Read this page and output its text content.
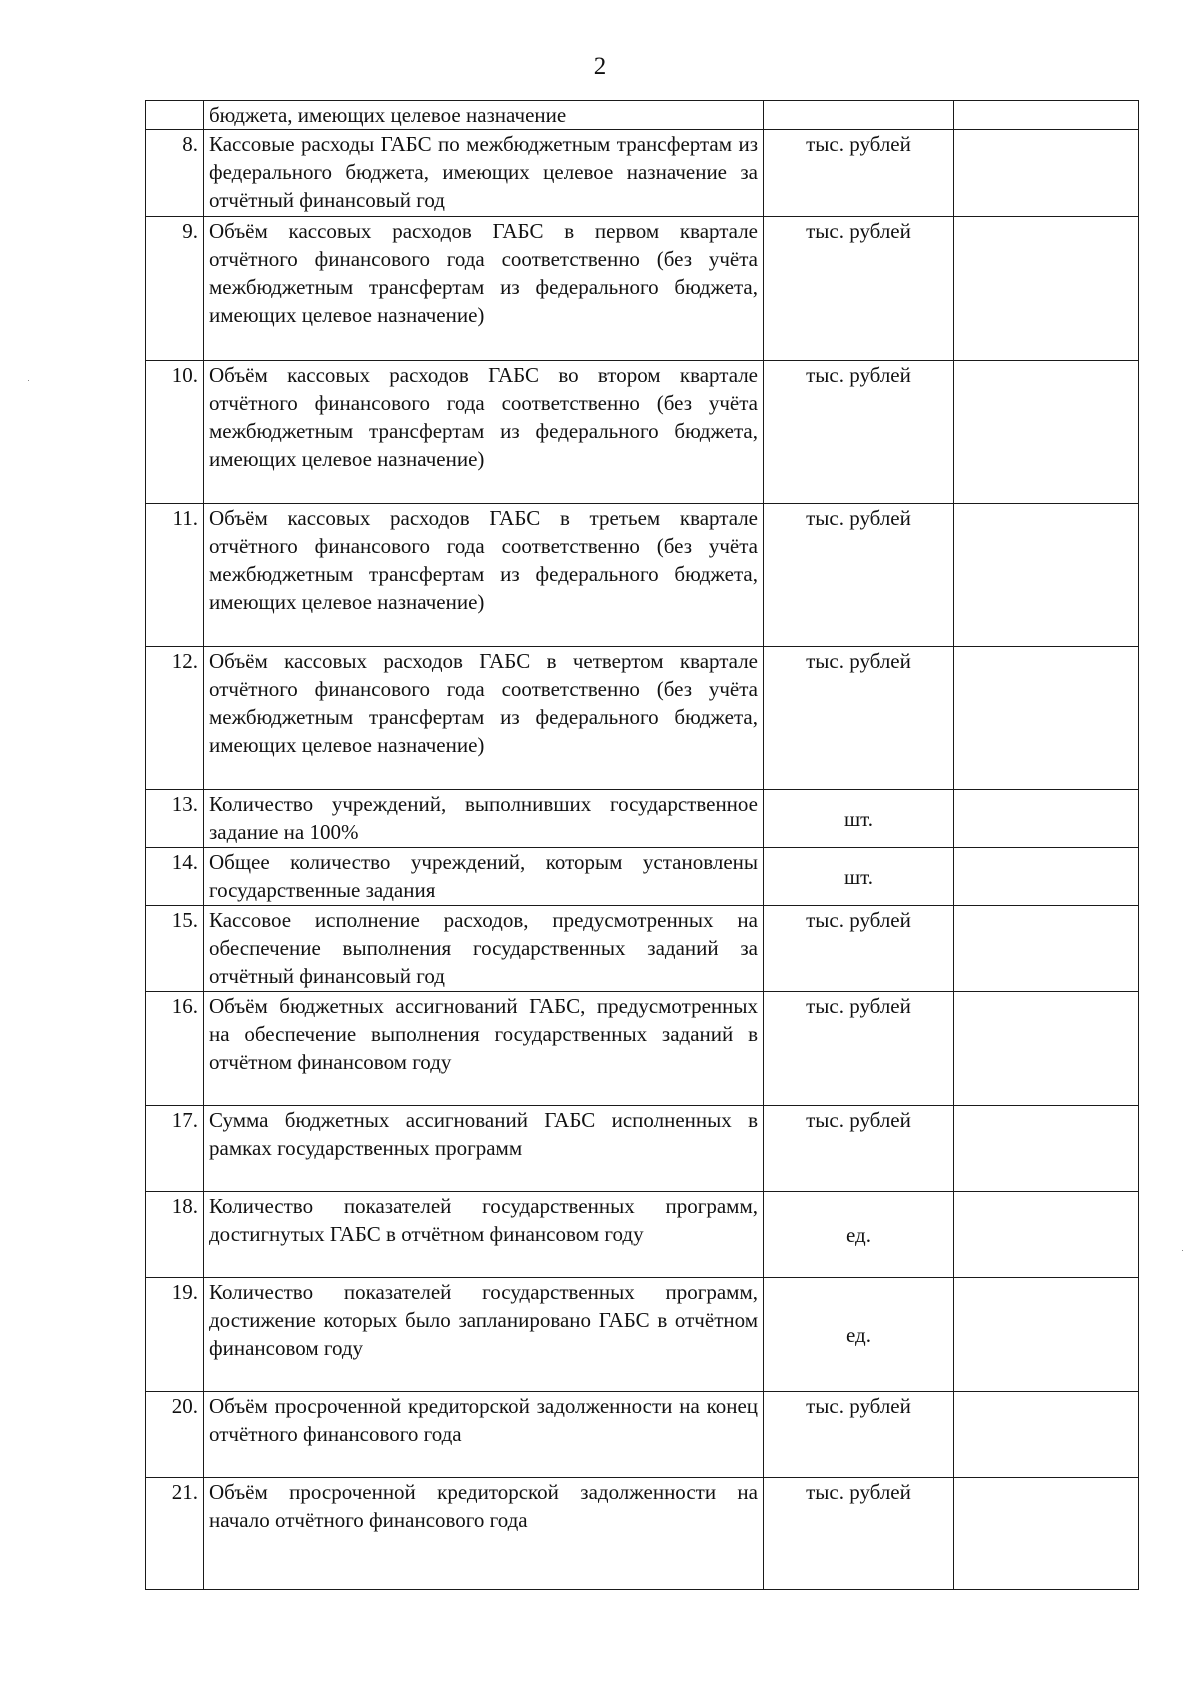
2
	бюджета, имеющих целевое назначение		
8.	Кассовые расходы ГАБС по межбюджетным трансфертам из федерального бюджета, имеющих целевое назначение за отчётный финансовый год	тыс. рублей	
9.	Объём кассовых расходов ГАБС в первом квартале отчётного финансового года соответственно (без учёта межбюджетным трансфертам из федерального бюджета, имеющих целевое назначение)	тыс. рублей	
10.	Объём кассовых расходов ГАБС во втором квартале отчётного финансового года соответственно (без учёта межбюджетным трансфертам из федерального бюджета, имеющих целевое назначение)	тыс. рублей	
11.	Объём кассовых расходов ГАБС в третьем квартале отчётного финансового года соответственно (без учёта межбюджетным трансфертам из федерального бюджета, имеющих целевое назначение)	тыс. рублей	
12.	Объём кассовых расходов ГАБС в четвертом квартале отчётного финансового года соответственно (без учёта межбюджетным трансфертам из федерального бюджета, имеющих целевое назначение)	тыс. рублей	
13.	Количество учреждений, выполнивших государственное задание на 100%	шт.	
14.	Общее количество учреждений, которым установлены государственные задания	шт.	
15.	Кассовое исполнение расходов, предусмотренных на обеспечение выполнения государственных заданий за отчётный финансовый год	тыс. рублей	
16.	Объём бюджетных ассигнований ГАБС, предусмотренных на обеспечение выполнения государственных заданий в отчётном финансовом году	тыс. рублей	
17.	Сумма бюджетных ассигнований ГАБС исполненных в рамках государственных программ	тыс. рублей	
18.	Количество показателей государственных программ, достигнутых ГАБС в отчётном финансовом году	ед.	
19.	Количество показателей государственных программ, достижение которых было запланировано ГАБС в отчётном финансовом году	ед.	
20.	Объём просроченной кредиторской задолженности на конец отчётного финансового года	тыс. рублей	
21.	Объём просроченной кредиторской задолженности на начало отчётного финансового года	тыс. рублей	
